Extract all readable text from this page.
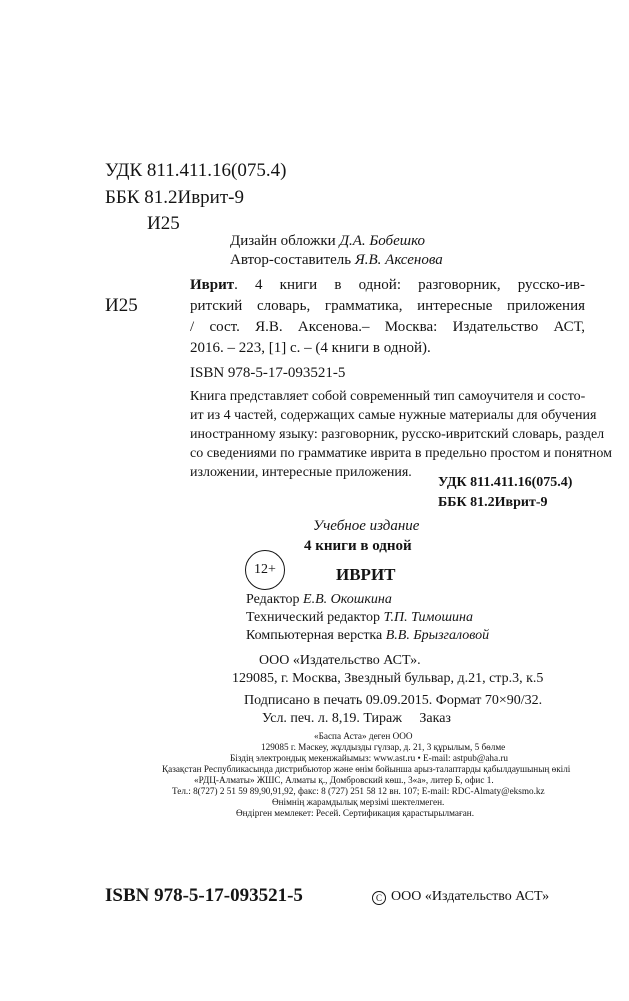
УДК 811.411.16(075.4)
ББК 81.2Иврит-9
И25
Дизайн обложки Д.А. Бобешко
Автор-составитель Я.В. Аксенова
И25
Иврит. 4 книги в одной: разговорник, русско-ив-
ритский словарь, грамматика, интересные приложения
/ сост. Я.В. Аксенова.– Москва: Издательство АСТ,
2016. – 223, [1] с. – (4 книги в одной).
ISBN 978-5-17-093521-5
Книга представляет собой современный тип самоучителя и состо-
ит из 4 частей, содержащих самые нужные материалы для обучения
иностранному языку: разговорник, русско-ивритский словарь, раздел
со сведениями по грамматике иврита в предельно простом и понятном
изложении, интересные приложения.
УДК 811.411.16(075.4)
ББК 81.2Иврит-9
Учебное издание
4 книги в одной
12+	ИВРИТ
Редактор Е.В. Окошкина
Технический редактор Т.П. Тимошина
Компьютерная верстка В.В. Брызгаловой
ООО «Издательство АСТ».
129085, г. Москва, Звездный бульвар, д.21, стр.3, к.5
Подписано в печать 09.09.2015. Формат 70×90/32.
Усл. печ. л. 8,19. Тираж     Заказ
«Баспа Аста» деген ООО
129085 г. Мәскеу, жұлдызды гүлзар, д. 21, 3 құрылым, 5 бөлме
Біздің электрондық мекенжайымыз: www.ast.ru • E-mail: astpub@aha.ru
Қазақстан Республикасында дистрибьютор және өнім бойынша арыз-талаптарды қабылдаушының өкілі
«РДЦ-Алматы» ЖШС, Алматы қ., Домбровский көш., 3«а», литер Б, офис 1.
Тел.: 8(727) 2 51 59 89,90,91,92, факс: 8 (727) 251 58 12 вн. 107; E-mail: RDC-Almaty@eksmo.kz
Өнімнің жарамдылық мерзімі шектелмеген.
Өндірген мемлекет: Ресей. Сертификация қарастырылмаған.
ISBN 978-5-17-093521-5	C ООО «Издательство АСТ»
